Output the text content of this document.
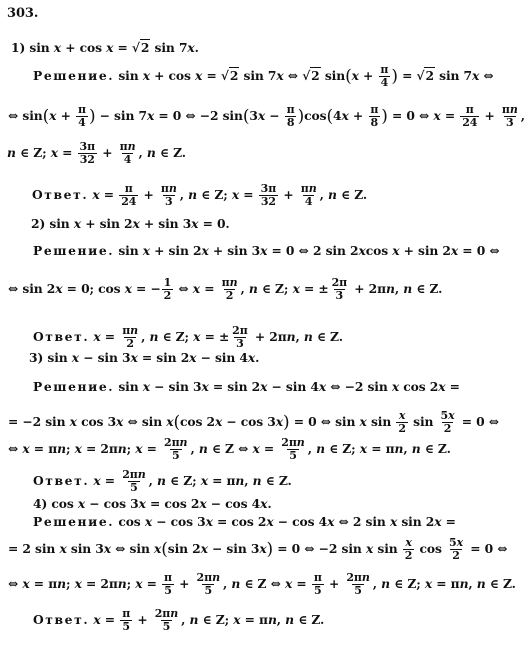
303.
1) sin x + cos x = √2 sin 7x.
Решение. sin x + cos x = √2 sin 7x ⇔ √2 $\sin(x + \frac{\pi}{4}$ ) = √2 sin 7x ⇔
⇔ $\sin(x + \frac{\pi}{4}$ ) − sin 7x = 0 ⇔ −2 $\sin(3x - \frac{\pi}{8} )\cos(4x + \frac{\pi}{8}$ ) = 0 ⇔ $x = \frac{\pi}{24} + \frac{\pi n}{3}$ ,
n ∈ Z; $x = \frac{3\pi}{32} + \frac{\pi n}{4}$ , n ∈ Z.
Ответ. $x = \frac{\pi}{24} + \frac{\pi n}{3}$ , n ∈ Z; $x = \frac{3\pi}{32} + \frac{\pi n}{4}$ , n ∈ Z.
2) sin x + sin 2x + sin 3x = 0.
Решение. sin x + sin 2x + sin 3x = 0 ⇔ 2 sin 2xcos x + sin 2x = 0 ⇔
⇔ sin 2x = 0; cos x = − $\frac{1}{2}$ ⇔ $x = \frac{\pi n}{2}$ , n ∈ Z; x = ± $\frac{2\pi}{3} + 2\pi n$, n ∈ Z.
Ответ. $x = \frac{\pi n}{2}$ , n ∈ Z; x = ± $\frac{2\pi}{3} + 2\pi n$, n ∈ Z.
3) sin x − sin 3x = sin 2x − sin 4x.
Решение. sin x − sin 3x = sin 2x − sin 4x ⇔ −2 sin x cos 2x =
= −2 sin x cos 3x ⇔ sin x(cos 2x − cos 3x) = 0 ⇔ sin x $\sin \frac{x}{2}$ $\sin \frac{5x}{2} = 0$ ⇔
⇔ x = πn; x = 2πn; $x = \frac{2\pi n}{5}$ , n ∈ Z ⇔ $x = \frac{2\pi n}{5}$ , n ∈ Z; x = πn, n ∈ Z.
Ответ. $x = \frac{2\pi n}{5}$ , n ∈ Z; x = πn, n ∈ Z.
4) cos x − cos 3x = cos 2x − cos 4x.
Решение. cos x − cos 3x = cos 2x − cos 4x ⇔ 2 sin x sin 2x =
= 2 sin x sin 3x ⇔ sin x(sin 2x − sin 3x) = 0 ⇔ −2 sin x $\sin \frac{x}{2}$ $\cos \frac{5x}{2} = 0$ ⇔
⇔ x = πn; x = 2πn; $x = \frac{\pi}{5} + \frac{2\pi n}{5}$ , n ∈ Z ⇔ $x = \frac{\pi}{5} + \frac{2\pi n}{5}$ , n ∈ Z; x = πn, n ∈ Z.
Ответ. $x = \frac{\pi}{5} + \frac{2\pi n}{5}$ , n ∈ Z; x = πn, n ∈ Z.
